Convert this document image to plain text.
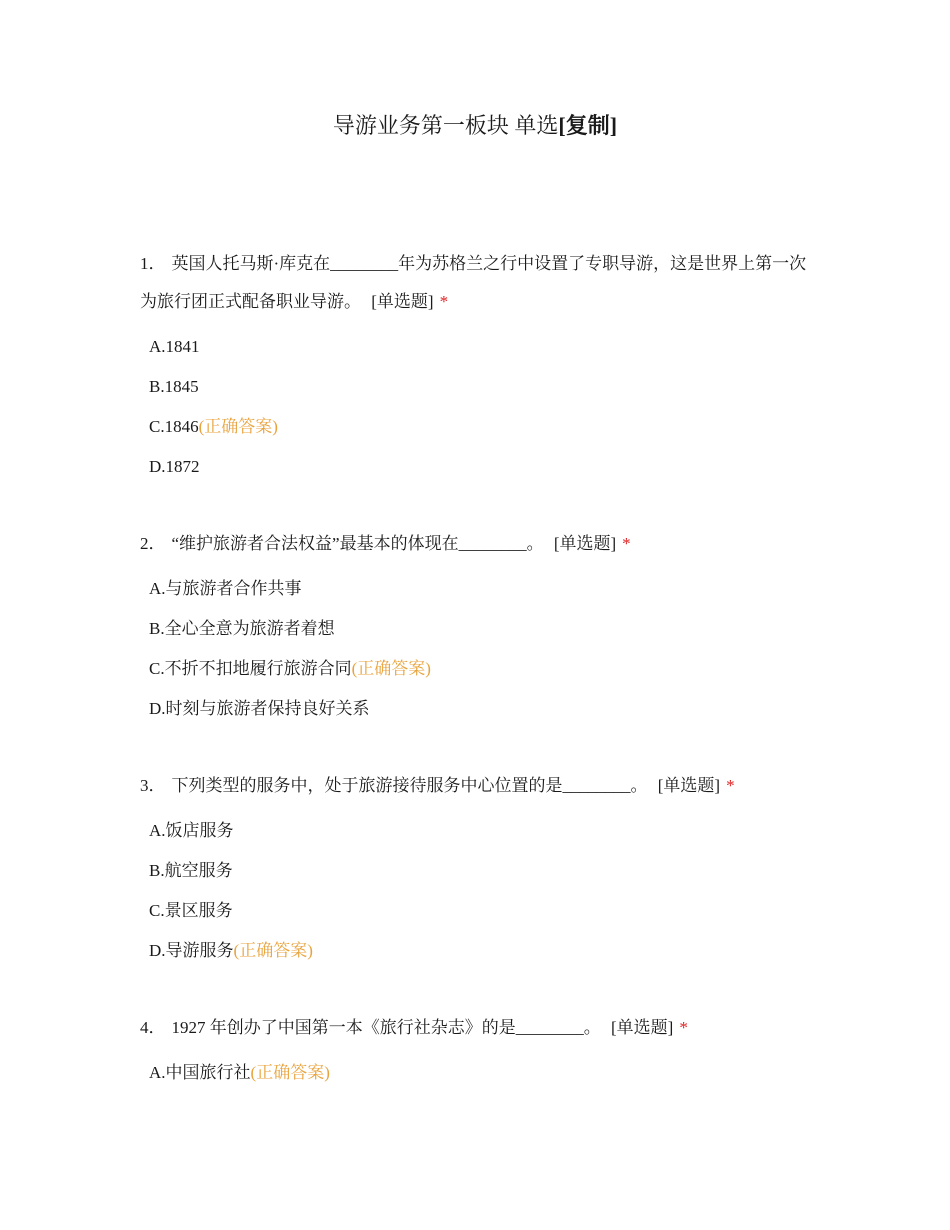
导游业务第一板块 单选[复制]

1． 英国人托马斯·库克在________年为苏格兰之行中设置了专职导游，这是世界上第一次为旅行团正式配备职业导游。 [单选题] *

A.1841
B.1845
C.1846(正确答案)
D.1872

2． “维护旅游者合法权益”最基本的体现在________。 [单选题] *

A.与旅游者合作共事
B.全心全意为旅游者着想
C.不折不扣地履行旅游合同(正确答案)
D.时刻与旅游者保持良好关系

3． 下列类型的服务中，处于旅游接待服务中心位置的是________。 [单选题] *

A.饭店服务
B.航空服务
C.景区服务
D.导游服务(正确答案)

4． 1927 年创办了中国第一本《旅行社杂志》的是________。 [单选题] *

A.中国旅行社(正确答案)
